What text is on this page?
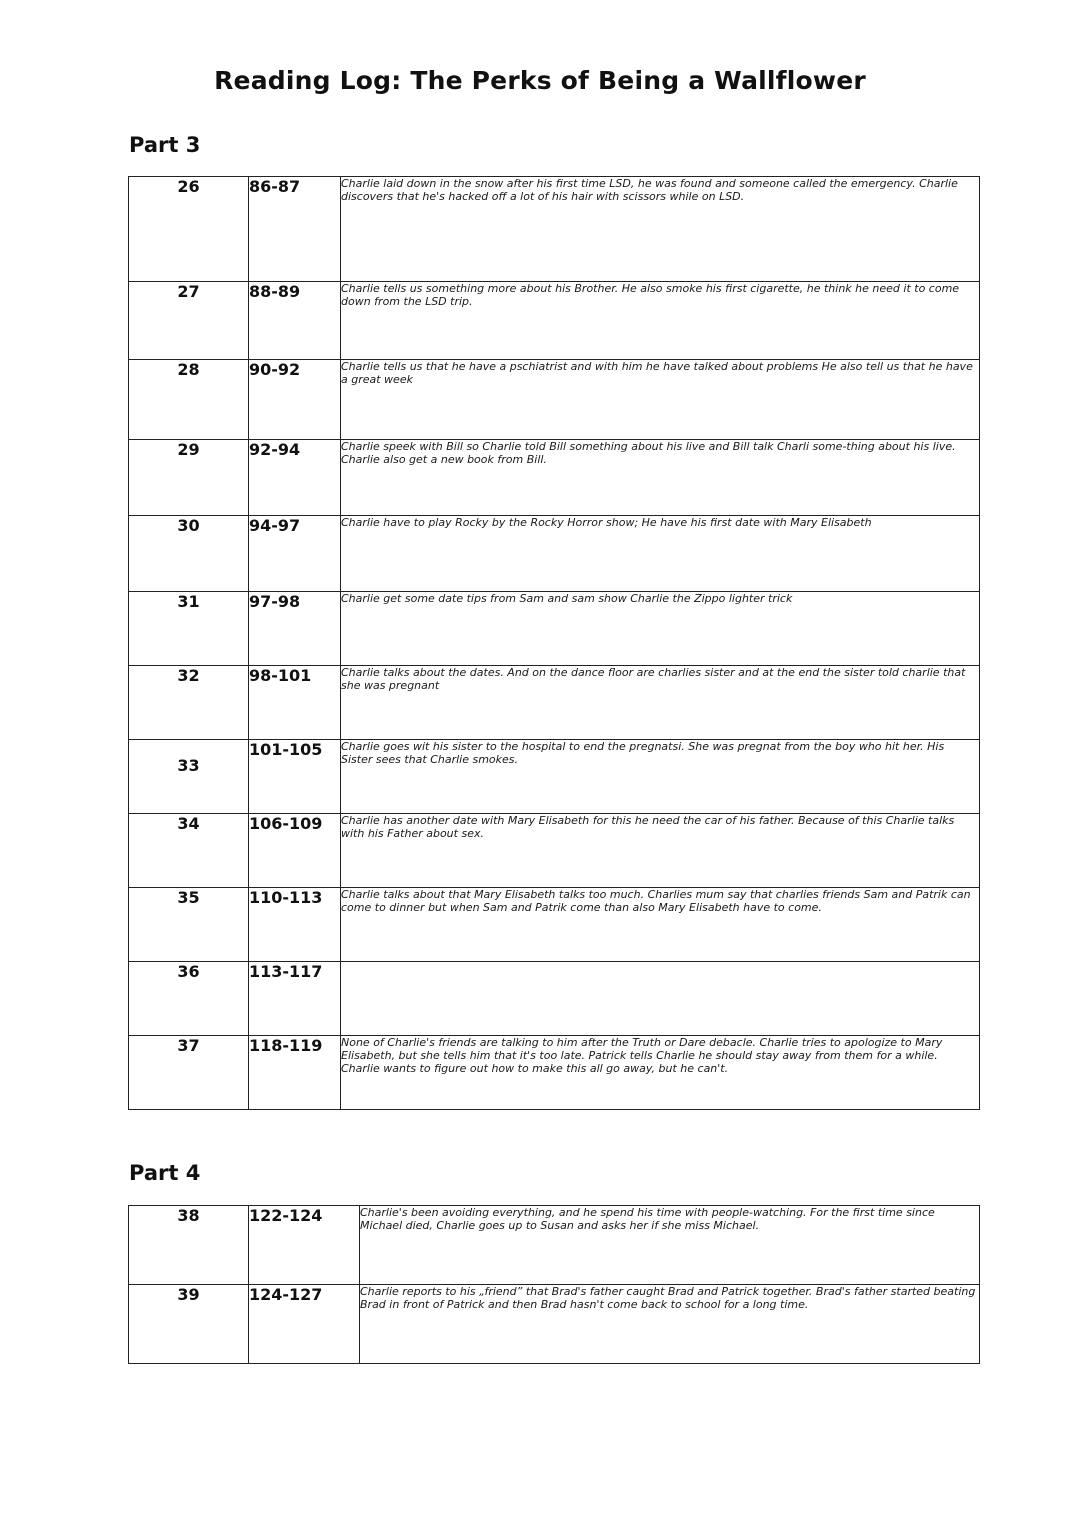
Reading Log: The Perks of Being a Wallflower
Part 3
26	86-87	Charlie laid down in the snow after his first time LSD, he was found and someone called the emergency. Charlie discovers that he's hacked off a lot of his hair with scissors while on LSD.
27	88-89	Charlie tells us something more about his Brother. He also smoke his first cigarette, he think he need it to come down from the LSD trip.
28	90-92	Charlie tells us that he have a pschiatrist and with him he have talked about problems He also tell us that he have a great week
29	92-94	Charlie speek with Bill so Charlie told Bill something about his live and Bill talk Charli some-thing about his live. Charlie also get a new book from Bill.
30	94-97	Charlie have to play Rocky by the Rocky Horror show; He have his first date with Mary Elisabeth
31	97-98	Charlie get some date tips from Sam and sam show Charlie the Zippo lighter trick
32	98-101	Charlie talks about the dates. And on the dance floor are charlies sister and at the end the sister told charlie that she was pregnant

33	101-105	Charlie goes wit his sister to the hospital to end the pregnatsi. She was pregnat from the boy who hit her. His Sister sees that Charlie smokes.
34	106-109	Charlie has another date with Mary Elisabeth for this he need the car of his father. Because of this Charlie talks with his Father about sex.
35	110-113	Charlie talks about that Mary Elisabeth talks too much. Charlies mum say that charlies friends Sam and Patrik can come to dinner but when Sam and Patrik come than also Mary Elisabeth have to come.
36	113-117	
37	118-119	None of Charlie's friends are talking to him after the Truth or Dare debacle. Charlie tries to apologize to Mary Elisabeth, but she tells him that it's too late. Patrick tells Charlie he should stay away from them for a while. Charlie wants to figure out how to make this all go away, but he can't.
Part 4
38	122-124	Charlie's been avoiding everything, and he spend his time with people-watching. For the first time since Michael died, Charlie goes up to Susan and asks her if she miss Michael.
39	124-127	Charlie reports to his „friend” that Brad's father caught Brad and Patrick together. Brad's father started beating Brad in front of Patrick and then Brad hasn't come back to school for a long time.
